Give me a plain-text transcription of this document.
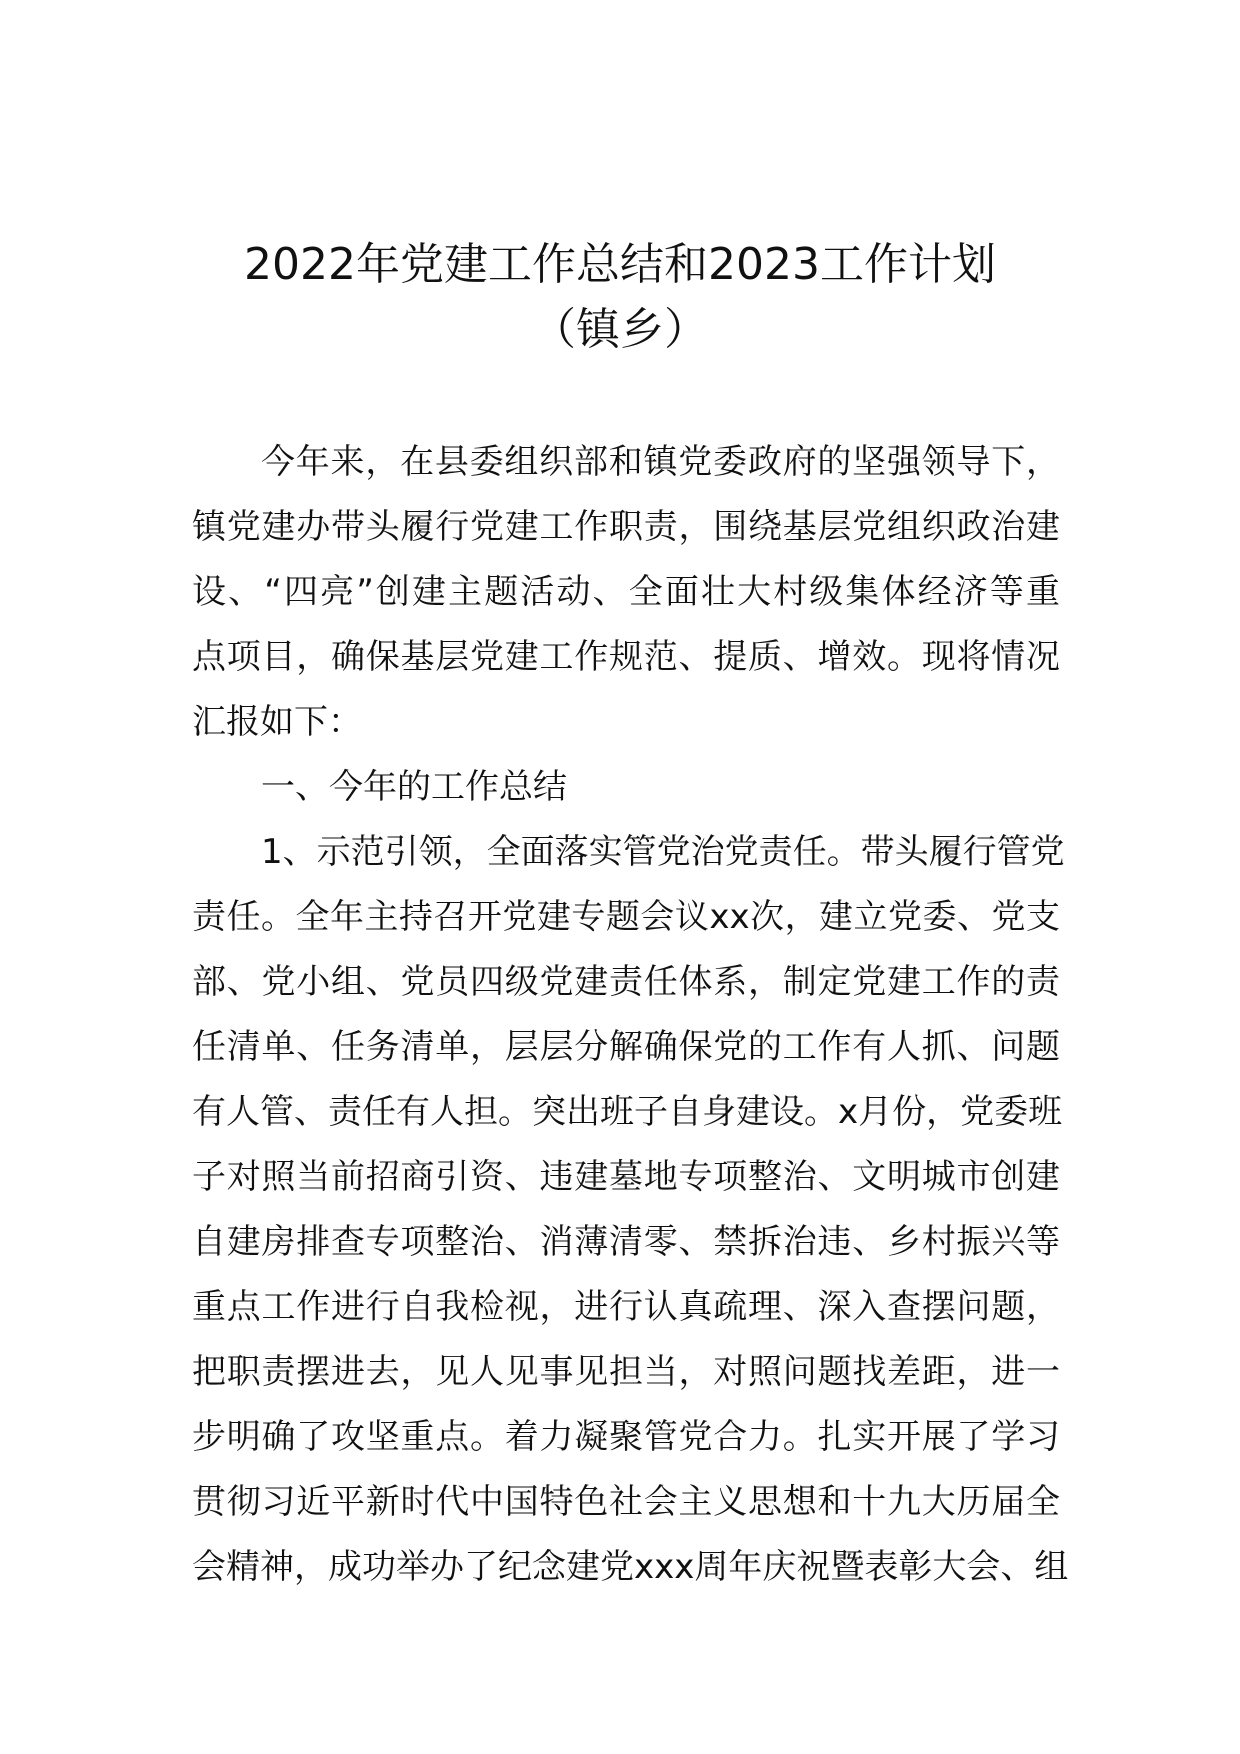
2022年党建工作总结和2023工作计划
（镇乡）
今年来，在县委组织部和镇党委政府的坚强领导下，
镇党建办带头履行党建工作职责，围绕基层党组织政治建
设、“四亮”创建主题活动、全面壮大村级集体经济等重
点项目，确保基层党建工作规范、提质、增效。现将情况
汇报如下：
一、今年的工作总结
1、示范引领，全面落实管党治党责任。带头履行管党
责任。全年主持召开党建专题会议xx次，建立党委、党支
部、党小组、党员四级党建责任体系，制定党建工作的责
任清单、任务清单，层层分解确保党的工作有人抓、问题
有人管、责任有人担。突出班子自身建设。x月份，党委班
子对照当前招商引资、违建墓地专项整治、文明城市创建
自建房排查专项整治、消薄清零、禁拆治违、乡村振兴等
重点工作进行自我检视，进行认真疏理、深入查摆问题，
把职责摆进去，见人见事见担当，对照问题找差距，进一
步明确了攻坚重点。着力凝聚管党合力。扎实开展了学习
贯彻习近平新时代中国特色社会主义思想和十九大历届全
会精神，成功举办了纪念建党xxx周年庆祝暨表彰大会、组
